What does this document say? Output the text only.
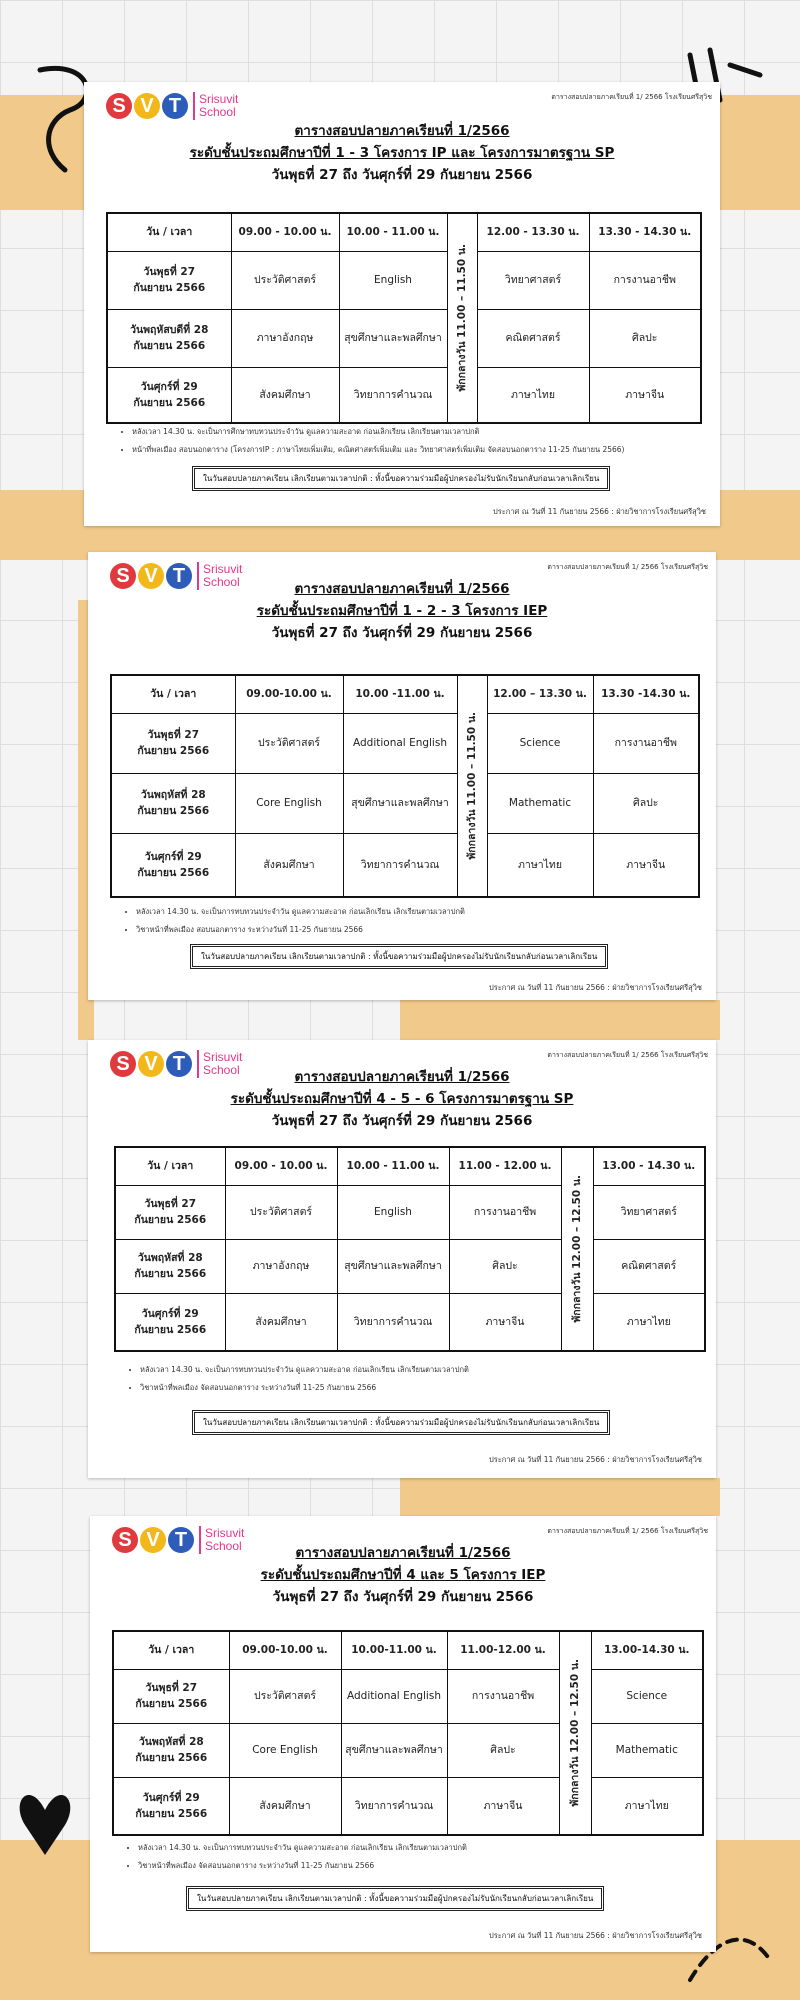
S V T	Srisuvit
School
ตารางสอบปลายภาคเรียนที่ 1/ 2566 โรงเรียนศรีสุวิช
ตารางสอบปลายภาคเรียนที่ 1/2566
ระดับชั้นประถมศึกษาปีที่ 1 - 3 โครงการ IP และ โครงการมาตรฐาน SP
วันพุธที่ 27 ถึง วันศุกร์ที่ 29 กันยายน 2566
วัน / เวลา	09.00 - 10.00 น.	10.00 - 11.00 น.	พักกลางวัน 11.00 – 11.50 น.	12.00 - 13.30 น.	13.30 - 14.30 น.
วันพุธที่ 27
กันยายน 2566	ประวัติศาสตร์	English		วิทยาศาสตร์	การงานอาชีพ
วันพฤหัสบดีที่ 28
กันยายน 2566	ภาษาอังกฤษ	สุขศึกษาและพลศึกษา		คณิตศาสตร์	ศิลปะ
วันศุกร์ที่ 29
กันยายน 2566	สังคมศึกษา	วิทยาการคำนวณ		ภาษาไทย	ภาษาจีน
• หลังเวลา 14.30 น. จะเป็นการศึกษาทบทวนประจำวัน ดูแลความสะอาด ก่อนเลิกเรียน เลิกเรียนตามเวลาปกติ
• หน้าที่พลเมือง สอบนอกตาราง (โครงการIP : ภาษาไทยเพิ่มเติม, คณิตศาสตร์เพิ่มเติม และ วิทยาศาสตร์เพิ่มเติม จัดสอบนอกตาราง 11-25 กันยายน 2566)
ในวันสอบปลายภาคเรียน เลิกเรียนตามเวลาปกติ : ทั้งนี้ขอความร่วมมือผู้ปกครองไม่รับนักเรียนกลับก่อนเวลาเลิกเรียน
ประกาศ ณ วันที่ 11 กันยายน 2566 : ฝ่ายวิชาการโรงเรียนศรีสุวิช
S V T	Srisuvit
School
ตารางสอบปลายภาคเรียนที่ 1/ 2566 โรงเรียนศรีสุวิช
ตารางสอบปลายภาคเรียนที่ 1/2566
ระดับชั้นประถมศึกษาปีที่ 1 - 2 - 3 โครงการ IEP
วันพุธที่ 27 ถึง วันศุกร์ที่ 29 กันยายน 2566
วัน / เวลา	09.00-10.00 น.	10.00 -11.00 น.	พักกลางวัน 11.00 – 11.50 น.	12.00 – 13.30 น.	13.30 -14.30 น.
วันพุธที่ 27
กันยายน 2566	ประวัติศาสตร์	Additional English		Science	การงานอาชีพ
วันพฤหัสที่ 28
กันยายน 2566	Core English	สุขศึกษาและพลศึกษา		Mathematic	ศิลปะ
วันศุกร์ที่ 29
กันยายน 2566	สังคมศึกษา	วิทยาการคำนวณ		ภาษาไทย	ภาษาจีน
• หลังเวลา 14.30 น. จะเป็นการทบทวนประจำวัน ดูแลความสะอาด ก่อนเลิกเรียน เลิกเรียนตามเวลาปกติ
• วิชาหน้าที่พลเมือง สอบนอกตาราง ระหว่างวันที่ 11-25 กันยายน 2566
ในวันสอบปลายภาคเรียน เลิกเรียนตามเวลาปกติ : ทั้งนี้ขอความร่วมมือผู้ปกครองไม่รับนักเรียนกลับก่อนเวลาเลิกเรียน
ประกาศ ณ วันที่ 11 กันยายน 2566 : ฝ่ายวิชาการโรงเรียนศรีสุวิช
S V T	Srisuvit
School
ตารางสอบปลายภาคเรียนที่ 1/ 2566 โรงเรียนศรีสุวิช
ตารางสอบปลายภาคเรียนที่ 1/2566
ระดับชั้นประถมศึกษาปีที่ 4 - 5 - 6 โครงการมาตรฐาน SP
วันพุธที่ 27 ถึง วันศุกร์ที่ 29 กันยายน 2566
วัน / เวลา	09.00 - 10.00 น.	10.00 - 11.00 น.	11.00 - 12.00 น.	พักกลางวัน 12.00 – 12.50 น.	13.00 - 14.30 น.
วันพุธที่ 27
กันยายน 2566	ประวัติศาสตร์	English	การงานอาชีพ		วิทยาศาสตร์
วันพฤหัสที่ 28
กันยายน 2566	ภาษาอังกฤษ	สุขศึกษาและพลศึกษา	ศิลปะ		คณิตศาสตร์
วันศุกร์ที่ 29
กันยายน 2566	สังคมศึกษา	วิทยาการคำนวณ	ภาษาจีน		ภาษาไทย
• หลังเวลา 14.30 น. จะเป็นการทบทวนประจำวัน ดูแลความสะอาด ก่อนเลิกเรียน เลิกเรียนตามเวลาปกติ
• วิชาหน้าที่พลเมือง จัดสอบนอกตาราง ระหว่างวันที่ 11-25 กันยายน 2566
ในวันสอบปลายภาคเรียน เลิกเรียนตามเวลาปกติ : ทั้งนี้ขอความร่วมมือผู้ปกครองไม่รับนักเรียนกลับก่อนเวลาเลิกเรียน
ประกาศ ณ วันที่ 11 กันยายน 2566 : ฝ่ายวิชาการโรงเรียนศรีสุวิช
S V T	Srisuvit
School
ตารางสอบปลายภาคเรียนที่ 1/ 2566 โรงเรียนศรีสุวิช
ตารางสอบปลายภาคเรียนที่ 1/2566
ระดับชั้นประถมศึกษาปีที่ 4 และ 5 โครงการ IEP
วันพุธที่ 27 ถึง วันศุกร์ที่ 29 กันยายน 2566
วัน / เวลา	09.00-10.00 น.	10.00-11.00 น.	11.00-12.00 น.	พักกลางวัน 12.00 – 12.50 น.	13.00-14.30 น.
วันพุธที่ 27
กันยายน 2566	ประวัติศาสตร์	Additional English	การงานอาชีพ		Science
วันพฤหัสที่ 28
กันยายน 2566	Core English	สุขศึกษาและพลศึกษา	ศิลปะ		Mathematic
วันศุกร์ที่ 29
กันยายน 2566	สังคมศึกษา	วิทยาการคำนวณ	ภาษาจีน		ภาษาไทย
• หลังเวลา 14.30 น. จะเป็นการทบทวนประจำวัน ดูแลความสะอาด ก่อนเลิกเรียน เลิกเรียนตามเวลาปกติ
• วิชาหน้าที่พลเมือง จัดสอบนอกตาราง ระหว่างวันที่ 11-25 กันยายน 2566
ในวันสอบปลายภาคเรียน เลิกเรียนตามเวลาปกติ : ทั้งนี้ขอความร่วมมือผู้ปกครองไม่รับนักเรียนกลับก่อนเวลาเลิกเรียน
ประกาศ ณ วันที่ 11 กันยายน 2566 : ฝ่ายวิชาการโรงเรียนศรีสุวิช
